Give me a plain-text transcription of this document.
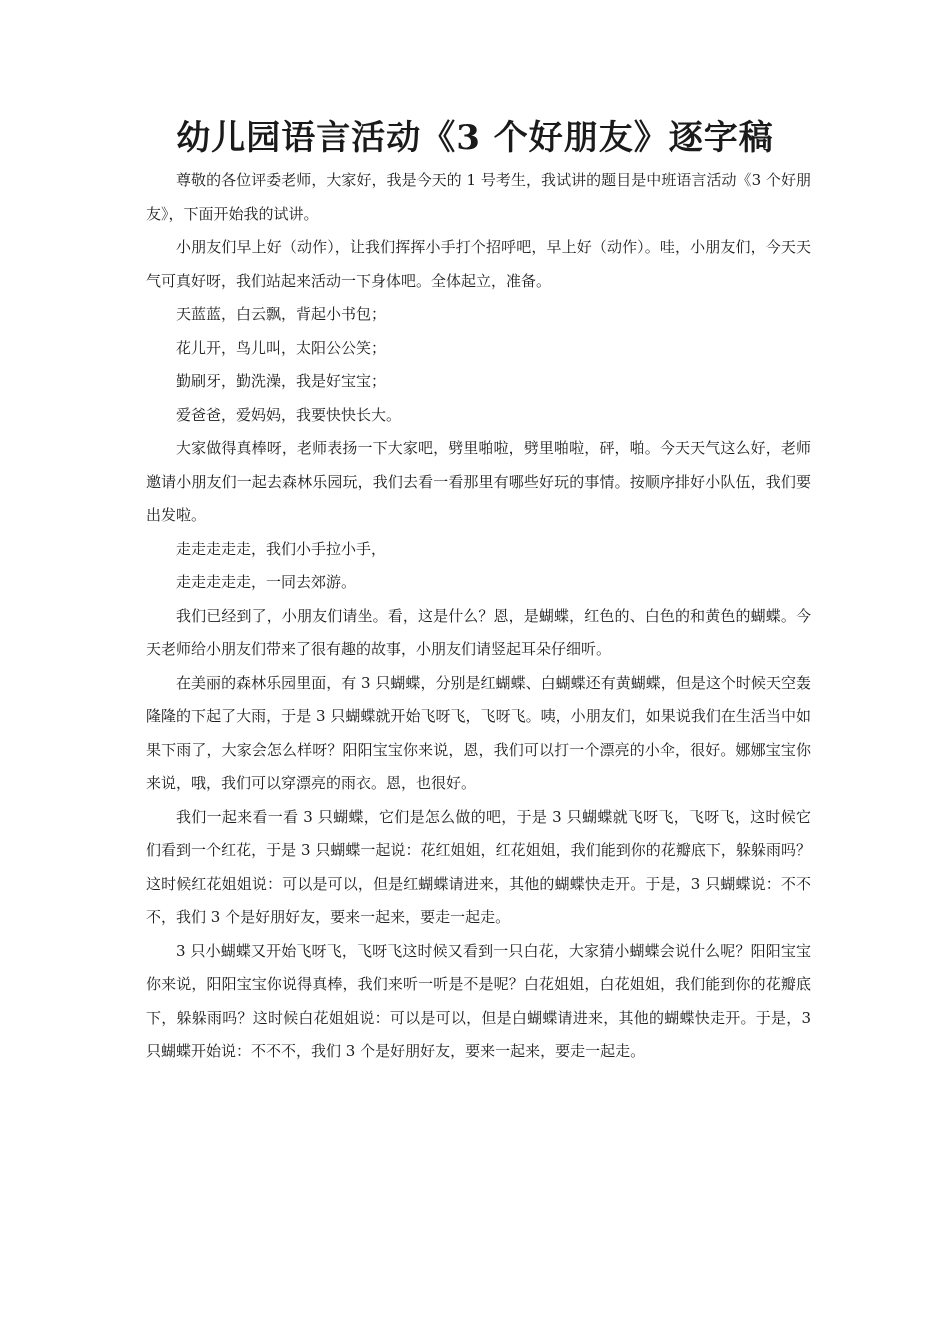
幼儿园语言活动《3 个好朋友》逐字稿

尊敬的各位评委老师，大家好，我是今天的 1 号考生，我试讲的题目是中班语言活动《3 个好朋友》，下面开始我的试讲。

小朋友们早上好（动作），让我们挥挥小手打个招呼吧，早上好（动作）。哇，小朋友们，今天天气可真好呀，我们站起来活动一下身体吧。全体起立，准备。

天蓝蓝，白云飘，背起小书包；

花儿开，鸟儿叫，太阳公公笑；

勤刷牙，勤洗澡，我是好宝宝；

爱爸爸，爱妈妈，我要快快长大。

大家做得真棒呀，老师表扬一下大家吧，劈里啪啦，劈里啪啦，砰，啪。今天天气这么好，老师邀请小朋友们一起去森林乐园玩，我们去看一看那里有哪些好玩的事情。按顺序排好小队伍，我们要出发啦。

走走走走走，我们小手拉小手，

走走走走走，一同去郊游。

我们已经到了，小朋友们请坐。看，这是什么？恩，是蝴蝶，红色的、白色的和黄色的蝴蝶。今天老师给小朋友们带来了很有趣的故事，小朋友们请竖起耳朵仔细听。

在美丽的森林乐园里面，有 3 只蝴蝶，分别是红蝴蝶、白蝴蝶还有黄蝴蝶，但是这个时候天空轰隆隆的下起了大雨，于是 3 只蝴蝶就开始飞呀飞，飞呀飞。咦，小朋友们，如果说我们在生活当中如果下雨了，大家会怎么样呀？阳阳宝宝你来说，恩，我们可以打一个漂亮的小伞，很好。娜娜宝宝你来说，哦，我们可以穿漂亮的雨衣。恩，也很好。

我们一起来看一看 3 只蝴蝶，它们是怎么做的吧，于是 3 只蝴蝶就飞呀飞，飞呀飞，这时候它们看到一个红花，于是 3 只蝴蝶一起说：花红姐姐，红花姐姐，我们能到你的花瓣底下，躲躲雨吗？这时候红花姐姐说：可以是可以，但是红蝴蝶请进来，其他的蝴蝶快走开。于是，3 只蝴蝶说：不不不，我们 3 个是好朋好友，要来一起来，要走一起走。

3 只小蝴蝶又开始飞呀飞，飞呀飞这时候又看到一只白花，大家猜小蝴蝶会说什么呢？阳阳宝宝你来说，阳阳宝宝你说得真棒，我们来听一听是不是呢？白花姐姐，白花姐姐，我们能到你的花瓣底下，躲躲雨吗？这时候白花姐姐说：可以是可以，但是白蝴蝶请进来，其他的蝴蝶快走开。于是，3 只蝴蝶开始说：不不不，我们 3 个是好朋好友，要来一起来，要走一起走。
